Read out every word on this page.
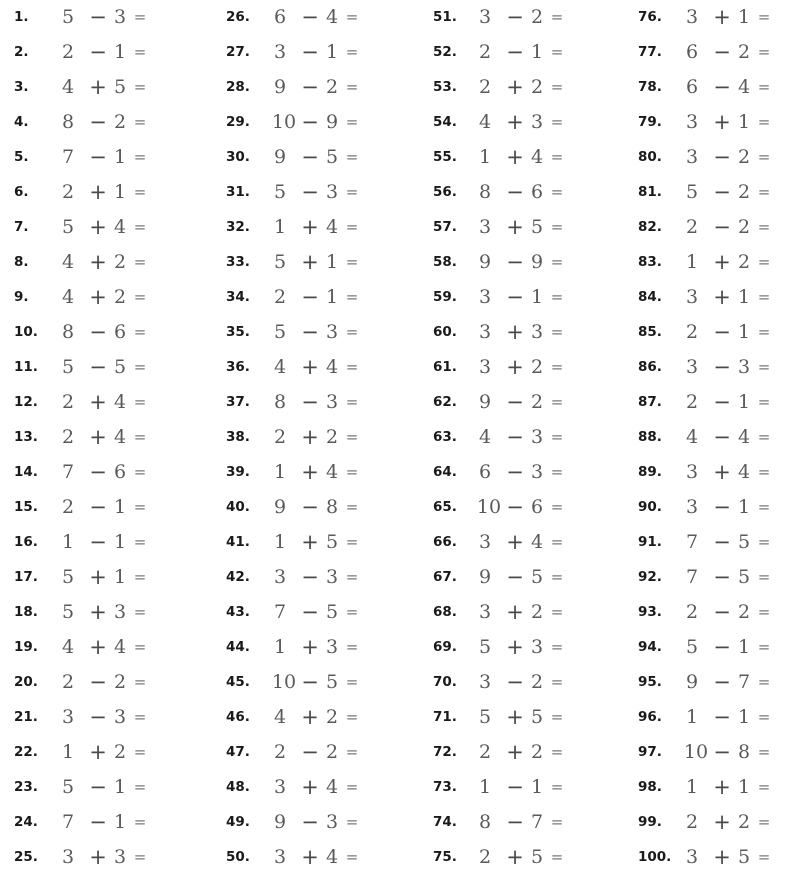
1. 5 − 3 =
2. 2 − 1 =
3. 4 + 5 =
4. 8 − 2 =
5. 7 − 1 =
6. 2 + 1 =
7. 5 + 4 =
8. 4 + 2 =
9. 4 + 2 =
10. 8 − 6 =
11. 5 − 5 =
12. 2 + 4 =
13. 2 + 4 =
14. 7 − 6 =
15. 2 − 1 =
16. 1 − 1 =
17. 5 + 1 =
18. 5 + 3 =
19. 4 + 4 =
20. 2 − 2 =
21. 3 − 3 =
22. 1 + 2 =
23. 5 − 1 =
24. 7 − 1 =
25. 3 + 3 =
26. 6 − 4 =
27. 3 − 1 =
28. 9 − 2 =
29. 10 − 9 =
30. 9 − 5 =
31. 5 − 3 =
32. 1 + 4 =
33. 5 + 1 =
34. 2 − 1 =
35. 5 − 3 =
36. 4 + 4 =
37. 8 − 3 =
38. 2 + 2 =
39. 1 + 4 =
40. 9 − 8 =
41. 1 + 5 =
42. 3 − 3 =
43. 7 − 5 =
44. 1 + 3 =
45. 10 − 5 =
46. 4 + 2 =
47. 2 − 2 =
48. 3 + 4 =
49. 9 − 3 =
50. 3 + 4 =
51. 3 − 2 =
52. 2 − 1 =
53. 2 + 2 =
54. 4 + 3 =
55. 1 + 4 =
56. 8 − 6 =
57. 3 + 5 =
58. 9 − 9 =
59. 3 − 1 =
60. 3 + 3 =
61. 3 + 2 =
62. 9 − 2 =
63. 4 − 3 =
64. 6 − 3 =
65. 10 − 6 =
66. 3 + 4 =
67. 9 − 5 =
68. 3 + 2 =
69. 5 + 3 =
70. 3 − 2 =
71. 5 + 5 =
72. 2 + 2 =
73. 1 − 1 =
74. 8 − 7 =
75. 2 + 5 =
76. 3 + 1 =
77. 6 − 2 =
78. 6 − 4 =
79. 3 + 1 =
80. 3 − 2 =
81. 5 − 2 =
82. 2 − 2 =
83. 1 + 2 =
84. 3 + 1 =
85. 2 − 1 =
86. 3 − 3 =
87. 2 − 1 =
88. 4 − 4 =
89. 3 + 4 =
90. 3 − 1 =
91. 7 − 5 =
92. 7 − 5 =
93. 2 − 2 =
94. 5 − 1 =
95. 9 − 7 =
96. 1 − 1 =
97. 10 − 8 =
98. 1 + 1 =
99. 2 + 2 =
100. 3 + 5 =
